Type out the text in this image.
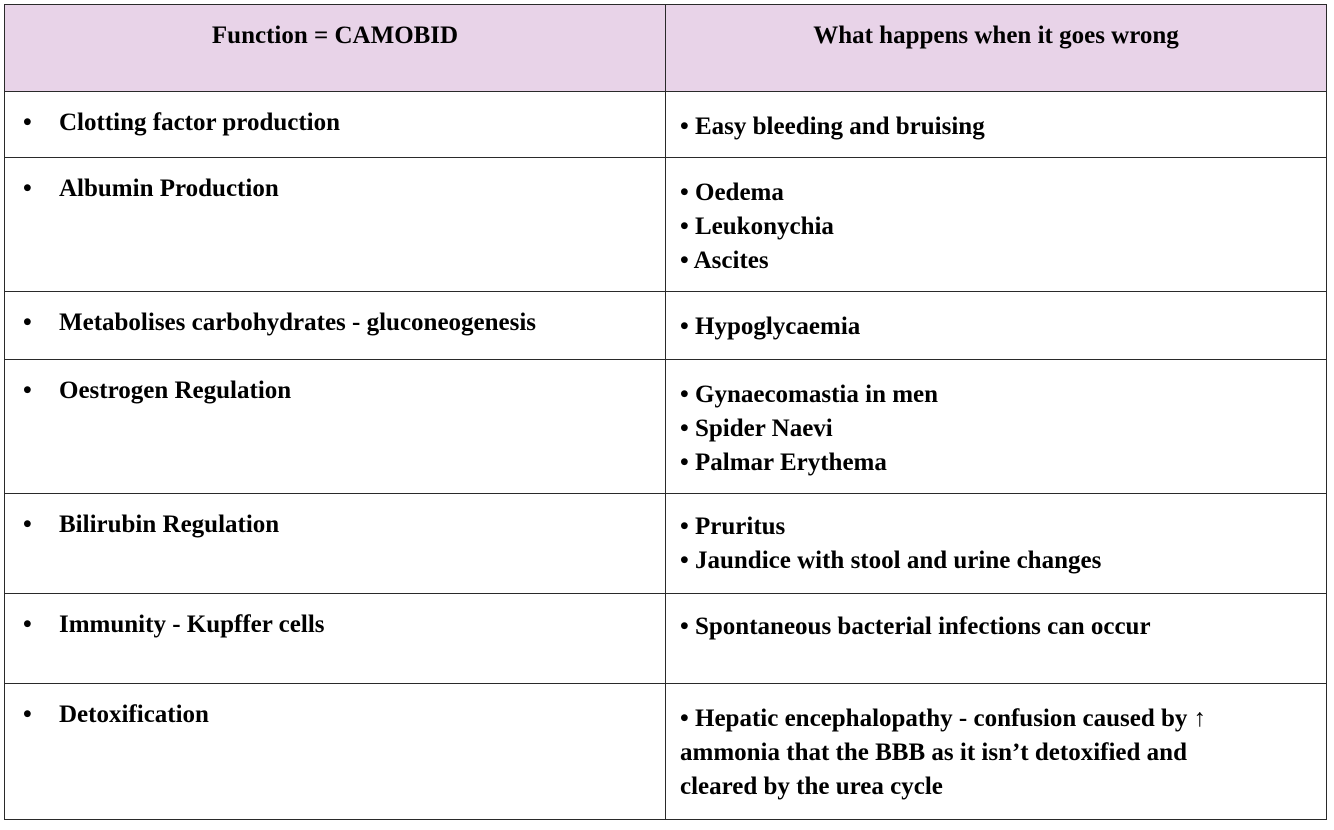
Function = CAMOBID	What happens when it goes wrong

• Clotting factor production	• Easy bleeding and bruising

• Albumin Production	• Oedema
• Leukonychia
• Ascites

• Metabolises carbohydrates - gluconeogenesis	• Hypoglycaemia

• Oestrogen Regulation	• Gynaecomastia in men
• Spider Naevi
• Palmar Erythema

• Bilirubin Regulation	• Pruritus
• Jaundice with stool and urine changes

• Immunity - Kupffer cells	• Spontaneous bacterial infections can occur

• Detoxification	• Hepatic encephalopathy - confusion caused by ↑
ammonia that the BBB as it isn’t detoxified and
cleared by the urea cycle
